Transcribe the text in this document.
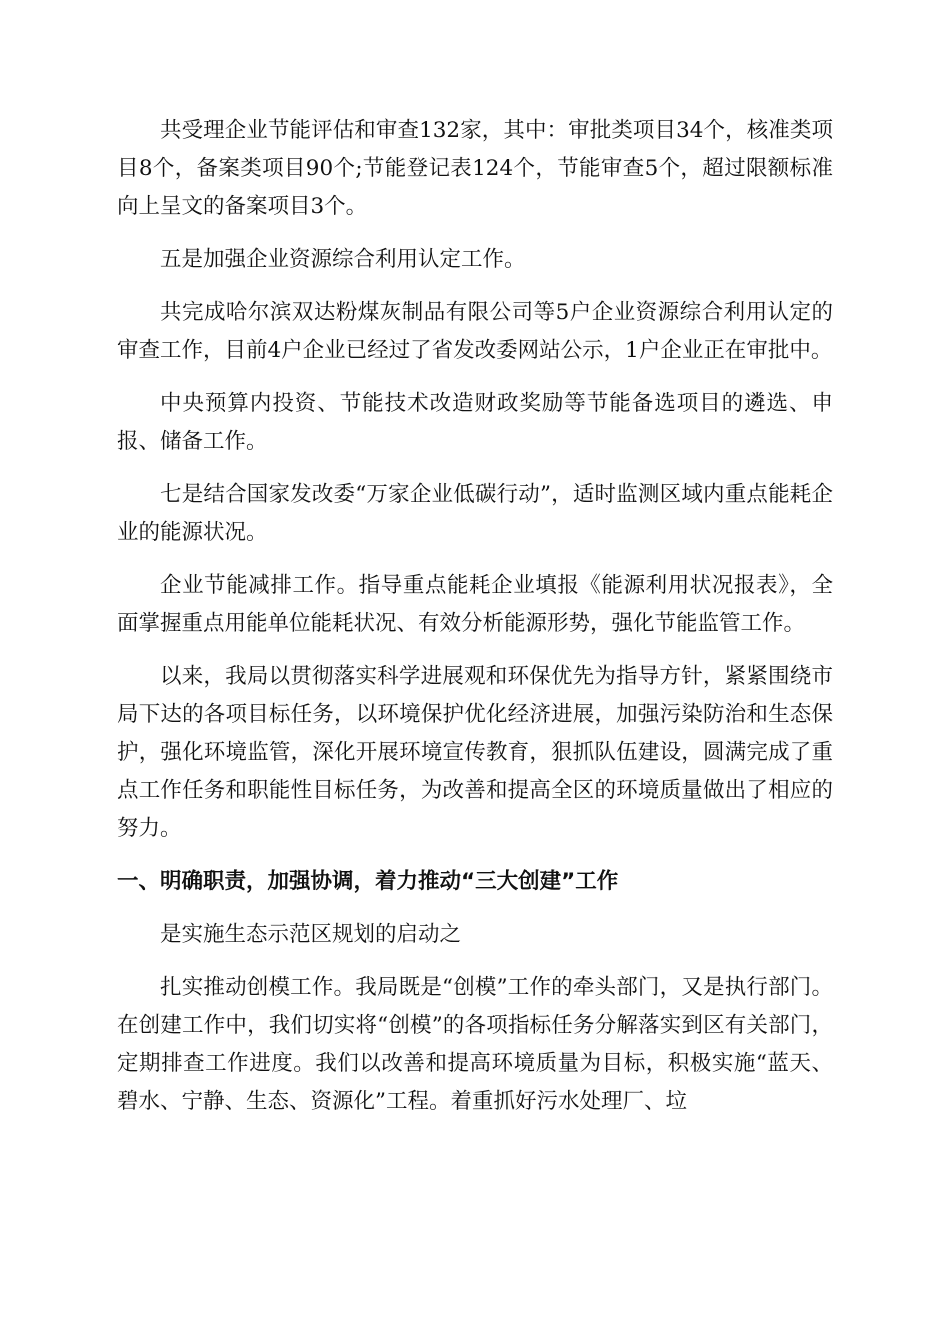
共受理企业节能评估和审查132家，其中：审批类项目34个，核准类项目8个，备案类项目90个;节能登记表124个，节能审查5个，超过限额标准向上呈文的备案项目3个。

五是加强企业资源综合利用认定工作。

共完成哈尔滨双达粉煤灰制品有限公司等5户企业资源综合利用认定的审查工作，目前4户企业已经过了省发改委网站公示，1户企业正在审批中。

中央预算内投资、节能技术改造财政奖励等节能备选项目的遴选、申报、储备工作。

七是结合国家发改委“万家企业低碳行动”，适时监测区域内重点能耗企业的能源状况。

企业节能减排工作。指导重点能耗企业填报《能源利用状况报表》，全面掌握重点用能单位能耗状况、有效分析能源形势，强化节能监管工作。

以来，我局以贯彻落实科学进展观和环保优先为指导方针，紧紧围绕市局下达的各项目标任务，以环境保护优化经济进展，加强污染防治和生态保护，强化环境监管，深化开展环境宣传教育，狠抓队伍建设，圆满完成了重点工作任务和职能性目标任务，为改善和提高全区的环境质量做出了相应的努力。

一、明确职责，加强协调，着力推动“三大创建”工作

是实施生态示范区规划的启动之

扎实推动创模工作。我局既是“创模”工作的牵头部门，又是执行部门。在创建工作中，我们切实将“创模”的各项指标任务分解落实到区有关部门，定期排查工作进度。我们以改善和提高环境质量为目标，积极实施“蓝天、碧水、宁静、生态、资源化”工程。着重抓好污水处理厂、垃
